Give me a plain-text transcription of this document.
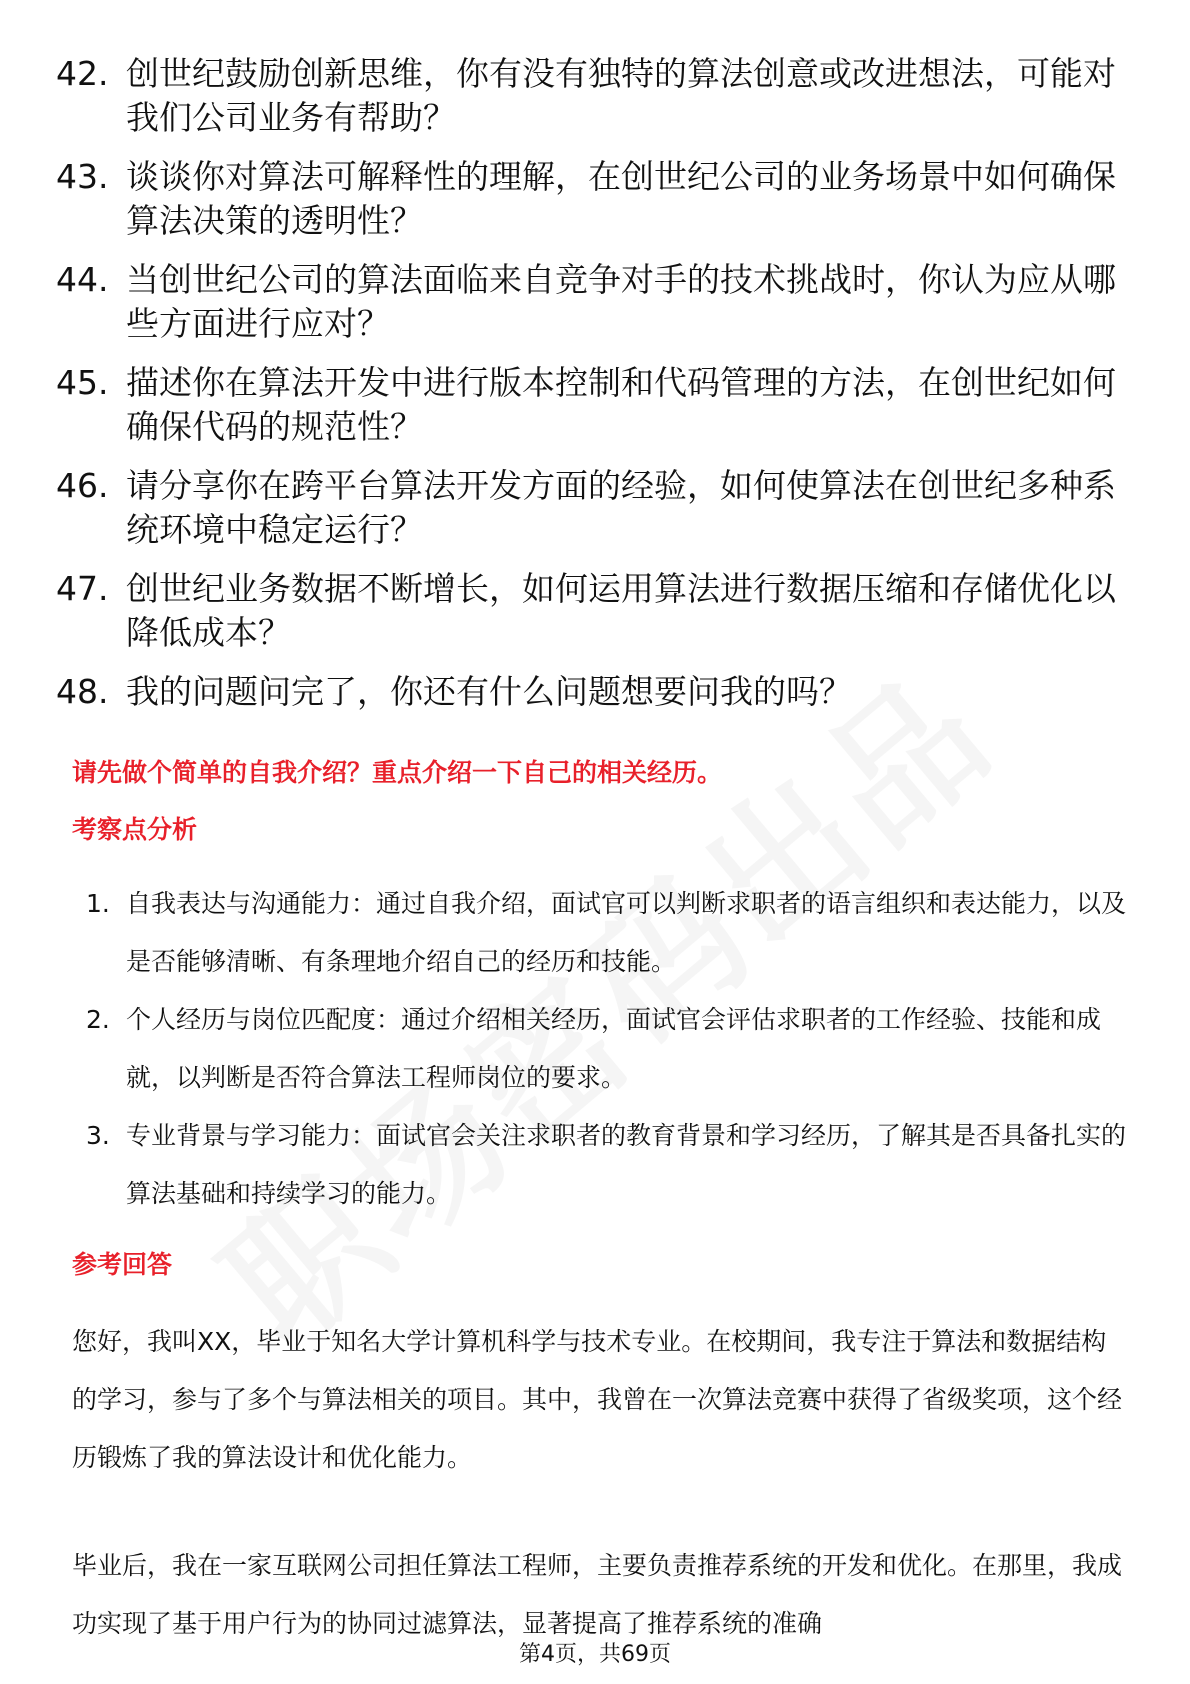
42. 创世纪鼓励创新思维，你有没有独特的算法创意或改进想法，可能对我们公司业务有帮助？
43. 谈谈你对算法可解释性的理解，在创世纪公司的业务场景中如何确保算法决策的透明性？
44. 当创世纪公司的算法面临来自竞争对手的技术挑战时，你认为应从哪些方面进行应对？
45. 描述你在算法开发中进行版本控制和代码管理的方法，在创世纪如何确保代码的规范性？
46. 请分享你在跨平台算法开发方面的经验，如何使算法在创世纪多种系统环境中稳定运行？
47. 创世纪业务数据不断增长，如何运用算法进行数据压缩和存储优化以降低成本？
48. 我的问题问完了，你还有什么问题想要问我的吗？
请先做个简单的自我介绍？重点介绍一下自己的相关经历。
考察点分析
1. 自我表达与沟通能力：通过自我介绍，面试官可以判断求职者的语言组织和表达能力，以及是否能够清晰、有条理地介绍自己的经历和技能。
2. 个人经历与岗位匹配度：通过介绍相关经历，面试官会评估求职者的工作经验、技能和成就，以判断是否符合算法工程师岗位的要求。
3. 专业背景与学习能力：面试官会关注求职者的教育背景和学习经历，了解其是否具备扎实的算法基础和持续学习的能力。
参考回答
您好，我叫XX，毕业于知名大学计算机科学与技术专业。在校期间，我专注于算法和数据结构的学习，参与了多个与算法相关的项目。其中，我曾在一次算法竞赛中获得了省级奖项，这个经历锻炼了我的算法设计和优化能力。
毕业后，我在一家互联网公司担任算法工程师，主要负责推荐系统的开发和优化。在那里，我成功实现了基于用户行为的协同过滤算法，显著提高了推荐系统的准确
第4页，共69页
